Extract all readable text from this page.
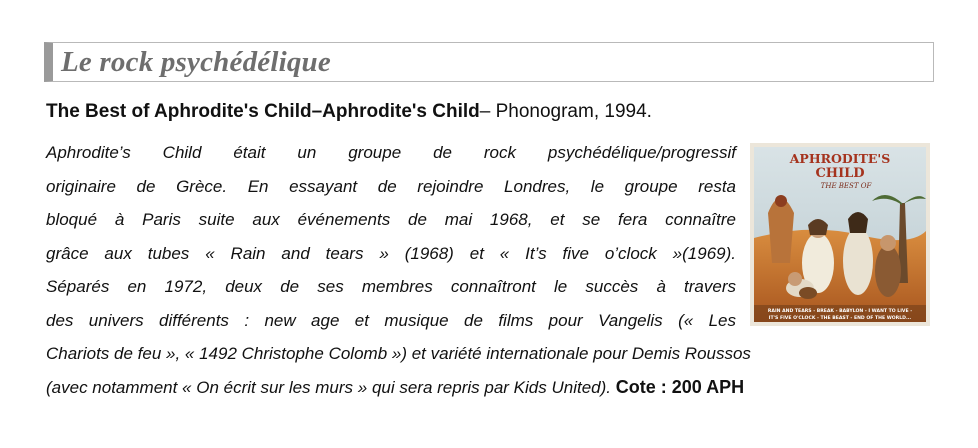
Le rock psychédélique
The Best of Aphrodite's Child–Aphrodite's Child– Phonogram, 1994.
Aphrodite’s Child était un groupe de rock psychédélique/progressif
originaire de Grèce. En essayant de rejoindre Londres, le groupe resta
bloqué à Paris suite aux événements de mai 1968, et se fera connaître
grâce aux tubes « Rain and tears » (1968) et « It’s five o’clock »(1969).
Séparés en 1972, deux de ses membres connaîtront le succès à travers
des univers différents : new age et musique de films pour Vangelis (« Les
Chariots de feu », « 1492 Christophe Colomb ») et variété internationale pour Demis Roussos
(avec notamment « On écrit sur les murs » qui sera repris par Kids United). Cote : 200 APH
APHRODITE'S
CHILD
THE BEST OF
RAIN AND TEARS - BREAK - BABYLON - I WANT TO LIVE -
IT'S FIVE O'CLOCK - THE BEAST - END OF THE WORLD...
